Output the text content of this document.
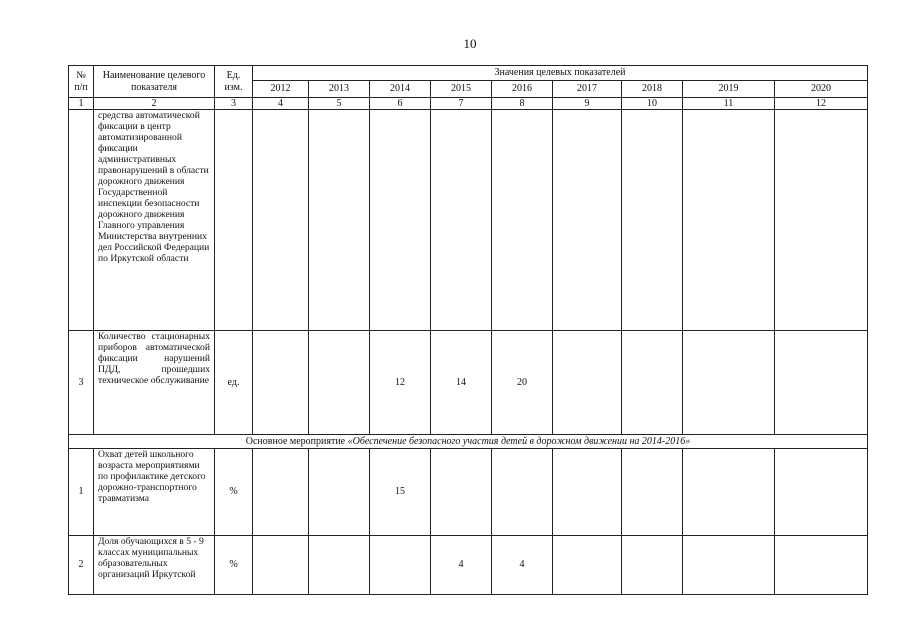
10
№ п/п	Наименование целевого показателя	Ед. изм.	Значения целевых показателей								
			2012	2013	2014	2015	2016	2017	2018	2019	2020
1	2	3	4	5	6	7	8	9	10	11	12
	средства автоматической фиксации в центр автоматизированной фиксации административных правонарушений в области дорожного движения Государственной инспекции безопасности дорожного движения Главного управления Министерства внутренних дел Российской Федерации по Иркутской области										
3	Количество стационарных приборов автоматической фиксации нарушений ПДД, прошедших техническое обслуживание	ед.			12	14	20				
Основное мероприятие «Обеспечение безопасного участия детей в дорожном движении на 2014-2016»											
1	Охват детей школьного возраста мероприятиями по профилактике детского дорожно-транспортного травматизма	%			15						
2	Доля обучающихся в 5 - 9 классах муниципальных образовательных организаций Иркутской	%				4	4				
